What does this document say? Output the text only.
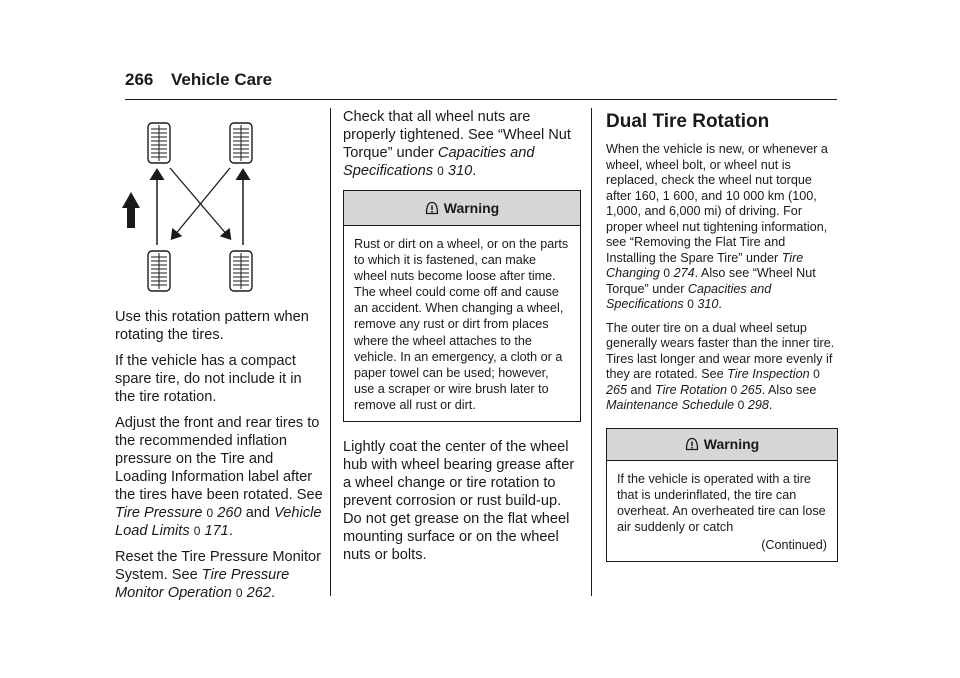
266 Vehicle Care

Use this rotation pattern when rotating the tires.

If the vehicle has a compact spare tire, do not include it in the tire rotation.

Adjust the front and rear tires to the recommended inflation pressure on the Tire and Loading Information label after the tires have been rotated. See Tire Pressure 0 260 and Vehicle Load Limits 0 171.

Reset the Tire Pressure Monitor System. See Tire Pressure Monitor Operation 0 262.

Check that all wheel nuts are properly tightened. See “Wheel Nut Torque” under Capacities and Specifications 0 310.

Warning
Rust or dirt on a wheel, or on the parts to which it is fastened, can make wheel nuts become loose after time. The wheel could come off and cause an accident. When changing a wheel, remove any rust or dirt from places where the wheel attaches to the vehicle. In an emergency, a cloth or a paper towel can be used; however, use a scraper or wire brush later to remove all rust or dirt.

Lightly coat the center of the wheel hub with wheel bearing grease after a wheel change or tire rotation to prevent corrosion or rust build-up. Do not get grease on the flat wheel mounting surface or on the wheel nuts or bolts.

Dual Tire Rotation

When the vehicle is new, or whenever a wheel, wheel bolt, or wheel nut is replaced, check the wheel nut torque after 160, 1 600, and 10 000 km (100, 1,000, and 6,000 mi) of driving. For proper wheel nut tightening information, see “Removing the Flat Tire and Installing the Spare Tire” under Tire Changing 0 274. Also see “Wheel Nut Torque” under Capacities and Specifications 0 310.

The outer tire on a dual wheel setup generally wears faster than the inner tire. Tires last longer and wear more evenly if they are rotated. See Tire Inspection 0 265 and Tire Rotation 0 265. Also see Maintenance Schedule 0 298.

Warning
If the vehicle is operated with a tire that is underinflated, the tire can overheat. An overheated tire can lose air suddenly or catch
(Continued)
